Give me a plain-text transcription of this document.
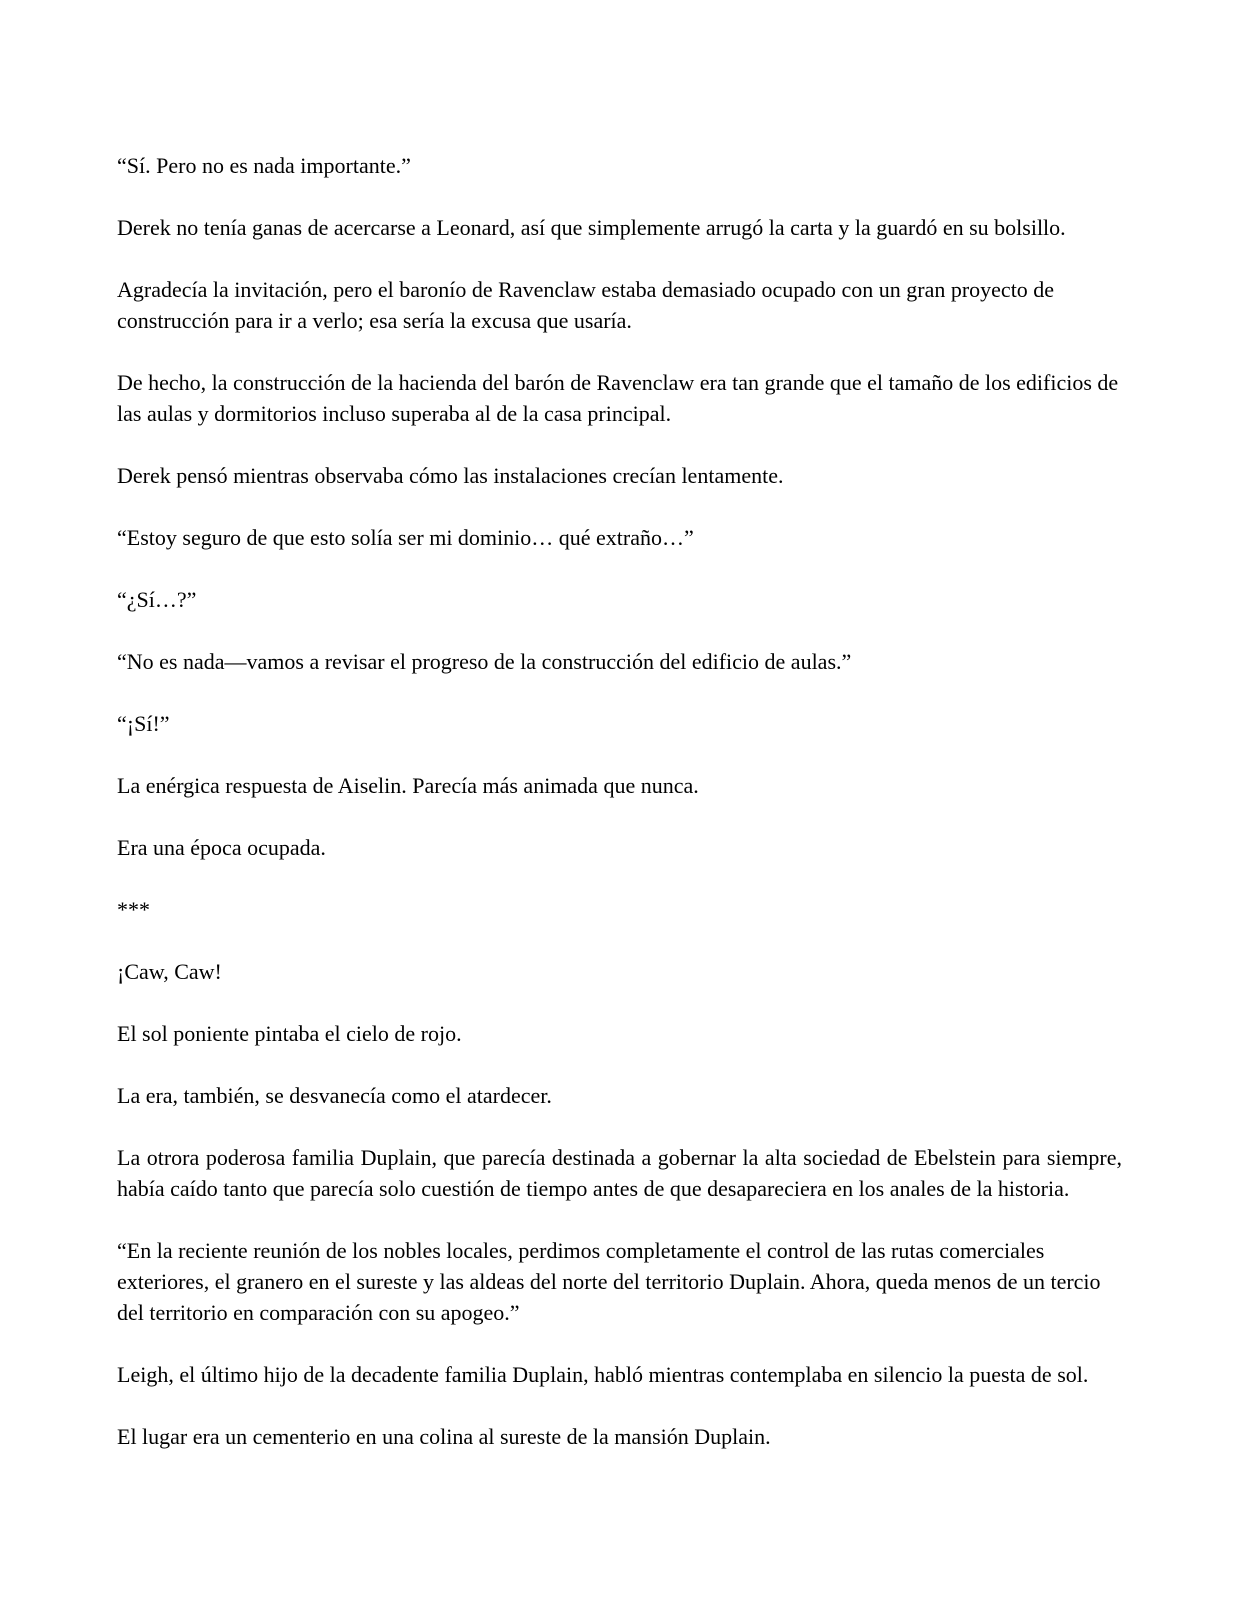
“Sí. Pero no es nada importante.”

Derek no tenía ganas de acercarse a Leonard, así que simplemente arrugó la carta y la guardó en su bolsillo.

Agradecía la invitación, pero el baronío de Ravenclaw estaba demasiado ocupado con un gran proyecto de construcción para ir a verlo; esa sería la excusa que usaría.

De hecho, la construcción de la hacienda del barón de Ravenclaw era tan grande que el tamaño de los edificios de las aulas y dormitorios incluso superaba al de la casa principal.

Derek pensó mientras observaba cómo las instalaciones crecían lentamente.

“Estoy seguro de que esto solía ser mi dominio… qué extraño…”

“¿Sí…?”

“No es nada—vamos a revisar el progreso de la construcción del edificio de aulas.”

“¡Sí!”

La enérgica respuesta de Aiselin. Parecía más animada que nunca.

Era una época ocupada.

***

¡Caw, Caw!

El sol poniente pintaba el cielo de rojo.

La era, también, se desvanecía como el atardecer.

La otrora poderosa familia Duplain, que parecía destinada a gobernar la alta sociedad de Ebelstein para siempre, había caído tanto que parecía solo cuestión de tiempo antes de que desapareciera en los anales de la historia.

“En la reciente reunión de los nobles locales, perdimos completamente el control de las rutas comerciales exteriores, el granero en el sureste y las aldeas del norte del territorio Duplain. Ahora, queda menos de un tercio del territorio en comparación con su apogeo.”

Leigh, el último hijo de la decadente familia Duplain, habló mientras contemplaba en silencio la puesta de sol.

El lugar era un cementerio en una colina al sureste de la mansión Duplain.
